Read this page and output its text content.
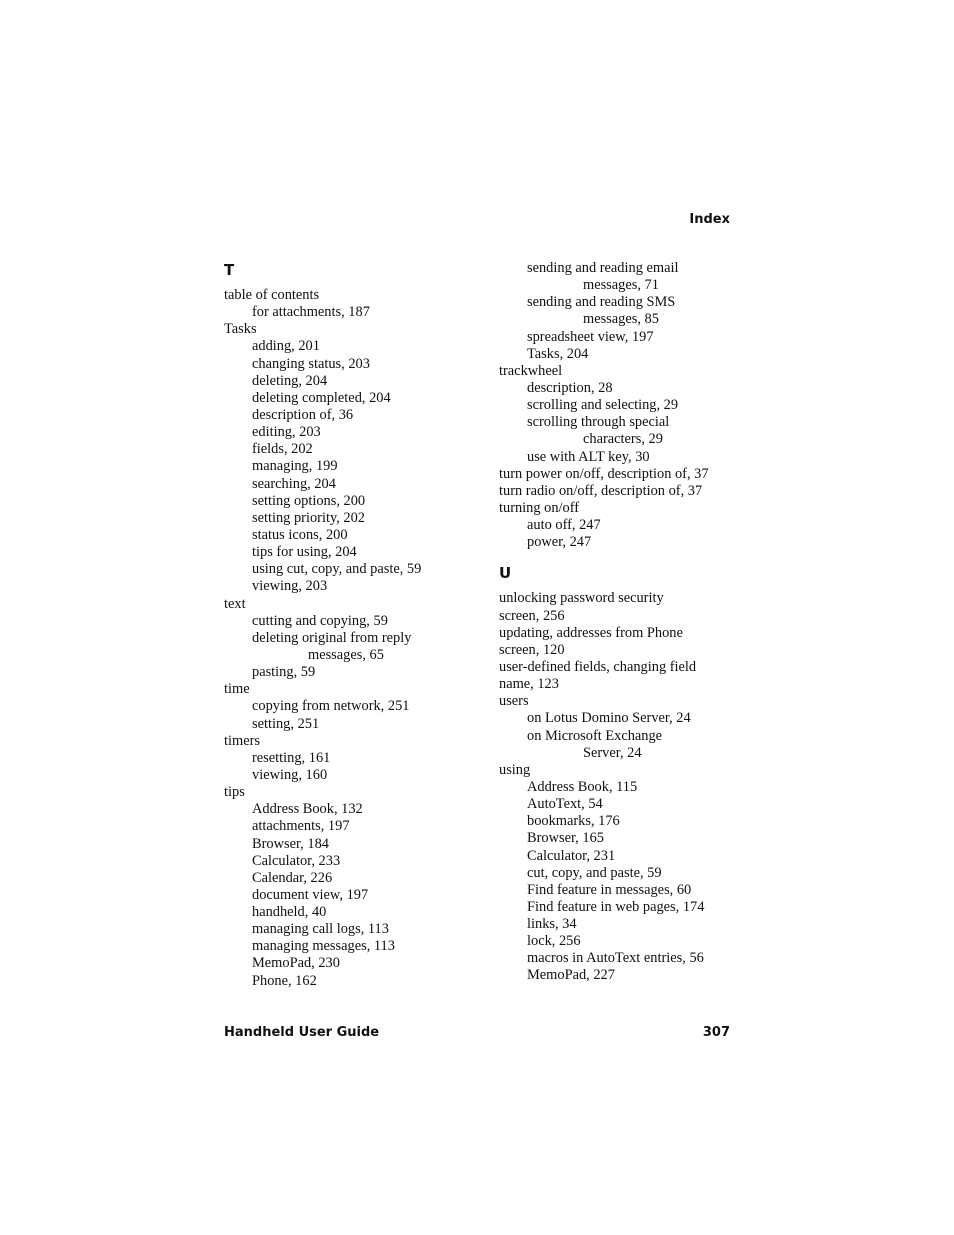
Index
T
table of contents
for attachments, 187
Tasks
adding, 201
changing status, 203
deleting, 204
deleting completed, 204
description of, 36
editing, 203
fields, 202
managing, 199
searching, 204
setting options, 200
setting priority, 202
status icons, 200
tips for using, 204
using cut, copy, and paste, 59
viewing, 203
text
cutting and copying, 59
deleting original from reply
messages, 65
pasting, 59
time
copying from network, 251
setting, 251
timers
resetting, 161
viewing, 160
tips
Address Book, 132
attachments, 197
Browser, 184
Calculator, 233
Calendar, 226
document view, 197
handheld, 40
managing call logs, 113
managing messages, 113
MemoPad, 230
Phone, 162
sending and reading email
messages, 71
sending and reading SMS
messages, 85
spreadsheet view, 197
Tasks, 204
trackwheel
description, 28
scrolling and selecting, 29
scrolling through special
characters, 29
use with ALT key, 30
turn power on/off, description of, 37
turn radio on/off, description of, 37
turning on/off
auto off, 247
power, 247
U
unlocking password security
screen, 256
updating, addresses from Phone
screen, 120
user-defined fields, changing field
name, 123
users
on Lotus Domino Server, 24
on Microsoft Exchange
Server, 24
using
Address Book, 115
AutoText, 54
bookmarks, 176
Browser, 165
Calculator, 231
cut, copy, and paste, 59
Find feature in messages, 60
Find feature in web pages, 174
links, 34
lock, 256
macros in AutoText entries, 56
MemoPad, 227
Handheld User Guide	307
